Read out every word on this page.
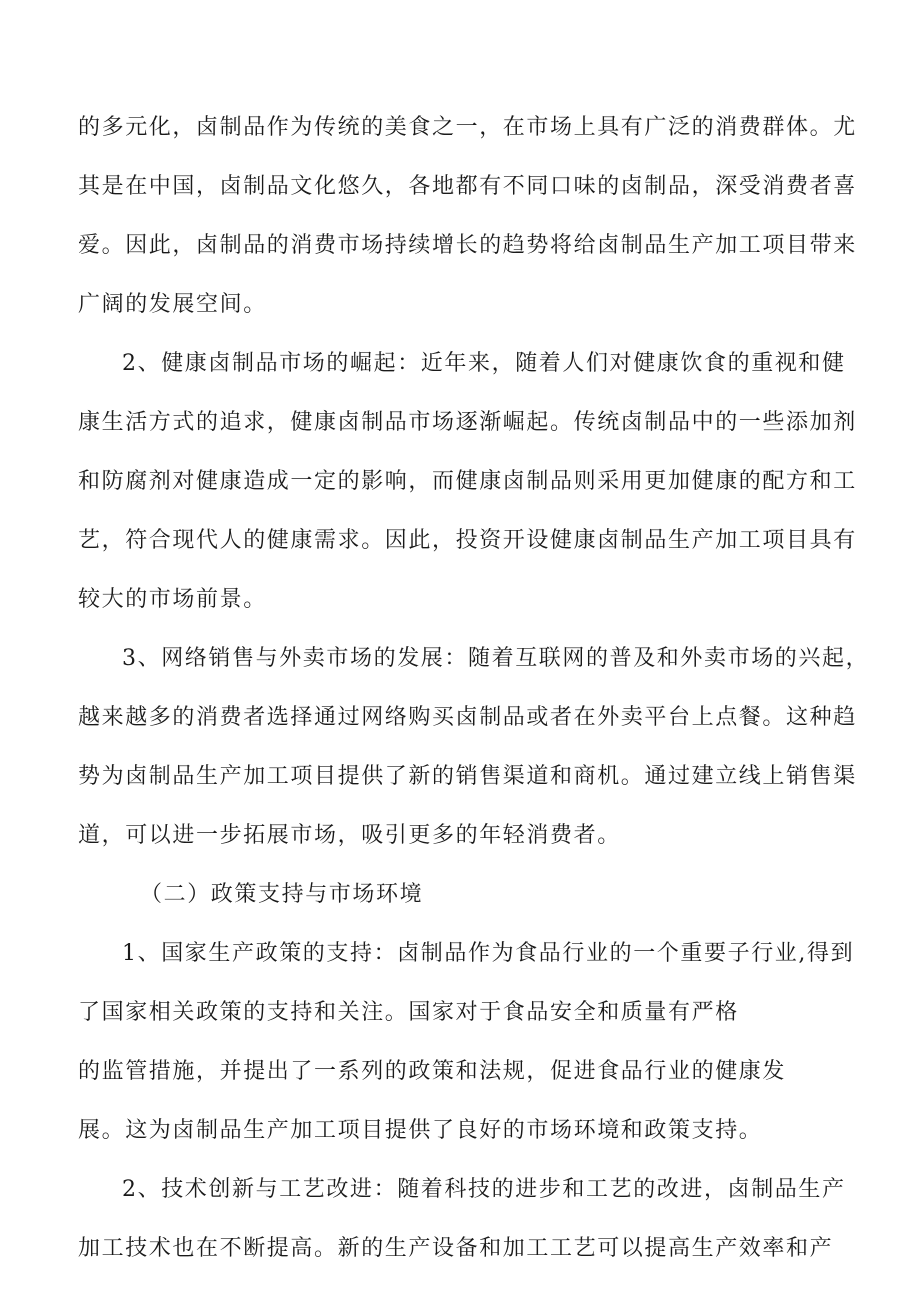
的多元化，卤制品作为传统的美食之一，在市场上具有广泛的消费群体。尤
其是在中国，卤制品文化悠久，各地都有不同口味的卤制品，深受消费者喜
爱。因此，卤制品的消费市场持续增长的趋势将给卤制品生产加工项目带来
广阔的发展空间。
2、健康卤制品市场的崛起：近年来，随着人们对健康饮食的重视和健
康生活方式的追求，健康卤制品市场逐渐崛起。传统卤制品中的一些添加剂
和防腐剂对健康造成一定的影响，而健康卤制品则采用更加健康的配方和工
艺，符合现代人的健康需求。因此，投资开设健康卤制品生产加工项目具有
较大的市场前景。
3、网络销售与外卖市场的发展：随着互联网的普及和外卖市场的兴起，
越来越多的消费者选择通过网络购买卤制品或者在外卖平台上点餐。这种趋
势为卤制品生产加工项目提供了新的销售渠道和商机。通过建立线上销售渠
道，可以进一步拓展市场，吸引更多的年轻消费者。
（二）政策支持与市场环境
1、国家生产政策的支持：卤制品作为食品行业的一个重要子行业,得到
了国家相关政策的支持和关注。国家对于食品安全和质量有严格
的监管措施，并提出了一系列的政策和法规，促进食品行业的健康发
展。这为卤制品生产加工项目提供了良好的市场环境和政策支持。
2、技术创新与工艺改进：随着科技的进步和工艺的改进，卤制品生产
加工技术也在不断提高。新的生产设备和加工工艺可以提高生产效率和产
